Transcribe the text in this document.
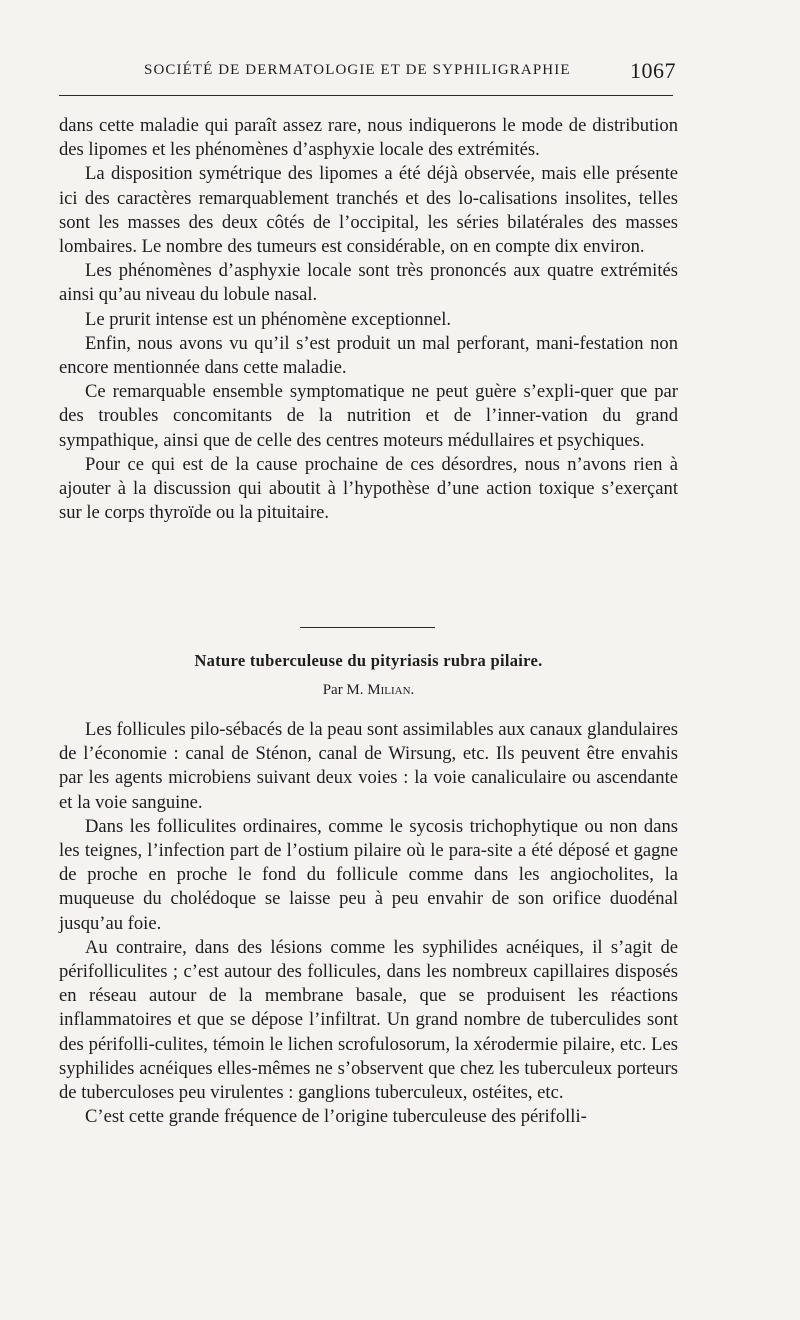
SOCIÉTÉ DE DERMATOLOGIE ET DE SYPHILIGRAPHIE	1067

dans cette maladie qui paraît assez rare, nous indiquerons le mode de distribution des lipomes et les phénomènes d’asphyxie locale des extrémités.

La disposition symétrique des lipomes a été déjà observée, mais elle présente ici des caractères remarquablement tranchés et des lo-calisations insolites, telles sont les masses des deux côtés de l’occipital, les séries bilatérales des masses lombaires. Le nombre des tumeurs est considérable, on en compte dix environ.

Les phénomènes d’asphyxie locale sont très prononcés aux quatre extrémités ainsi qu’au niveau du lobule nasal.

Le prurit intense est un phénomène exceptionnel.

Enfin, nous avons vu qu’il s’est produit un mal perforant, mani-festation non encore mentionnée dans cette maladie.

Ce remarquable ensemble symptomatique ne peut guère s’expli-quer que par des troubles concomitants de la nutrition et de l’inner-vation du grand sympathique, ainsi que de celle des centres moteurs médullaires et psychiques.

Pour ce qui est de la cause prochaine de ces désordres, nous n’avons rien à ajouter à la discussion qui aboutit à l’hypothèse d’une action toxique s’exerçant sur le corps thyroïde ou la pituitaire.

Nature tuberculeuse du pityriasis rubra pilaire.
Par M. Milian.

Les follicules pilo-sébacés de la peau sont assimilables aux canaux glandulaires de l’économie : canal de Sténon, canal de Wirsung, etc. Ils peuvent être envahis par les agents microbiens suivant deux voies : la voie canaliculaire ou ascendante et la voie sanguine.

Dans les folliculites ordinaires, comme le sycosis trichophytique ou non dans les teignes, l’infection part de l’ostium pilaire où le para-site a été déposé et gagne de proche en proche le fond du follicule comme dans les angiocholites, la muqueuse du cholédoque se laisse peu à peu envahir de son orifice duodénal jusqu’au foie.

Au contraire, dans des lésions comme les syphilides acnéiques, il s’agit de périfolliculites ; c’est autour des follicules, dans les nombreux capillaires disposés en réseau autour de la membrane basale, que se produisent les réactions inflammatoires et que se dépose l’infiltrat. Un grand nombre de tuberculides sont des périfolli-culites, témoin le lichen scrofulosorum, la xérodermie pilaire, etc. Les syphilides acnéiques elles-mêmes ne s’observent que chez les tuberculeux porteurs de tuberculoses peu virulentes : ganglions tuberculeux, ostéites, etc.

C’est cette grande fréquence de l’origine tuberculeuse des périfolli-
